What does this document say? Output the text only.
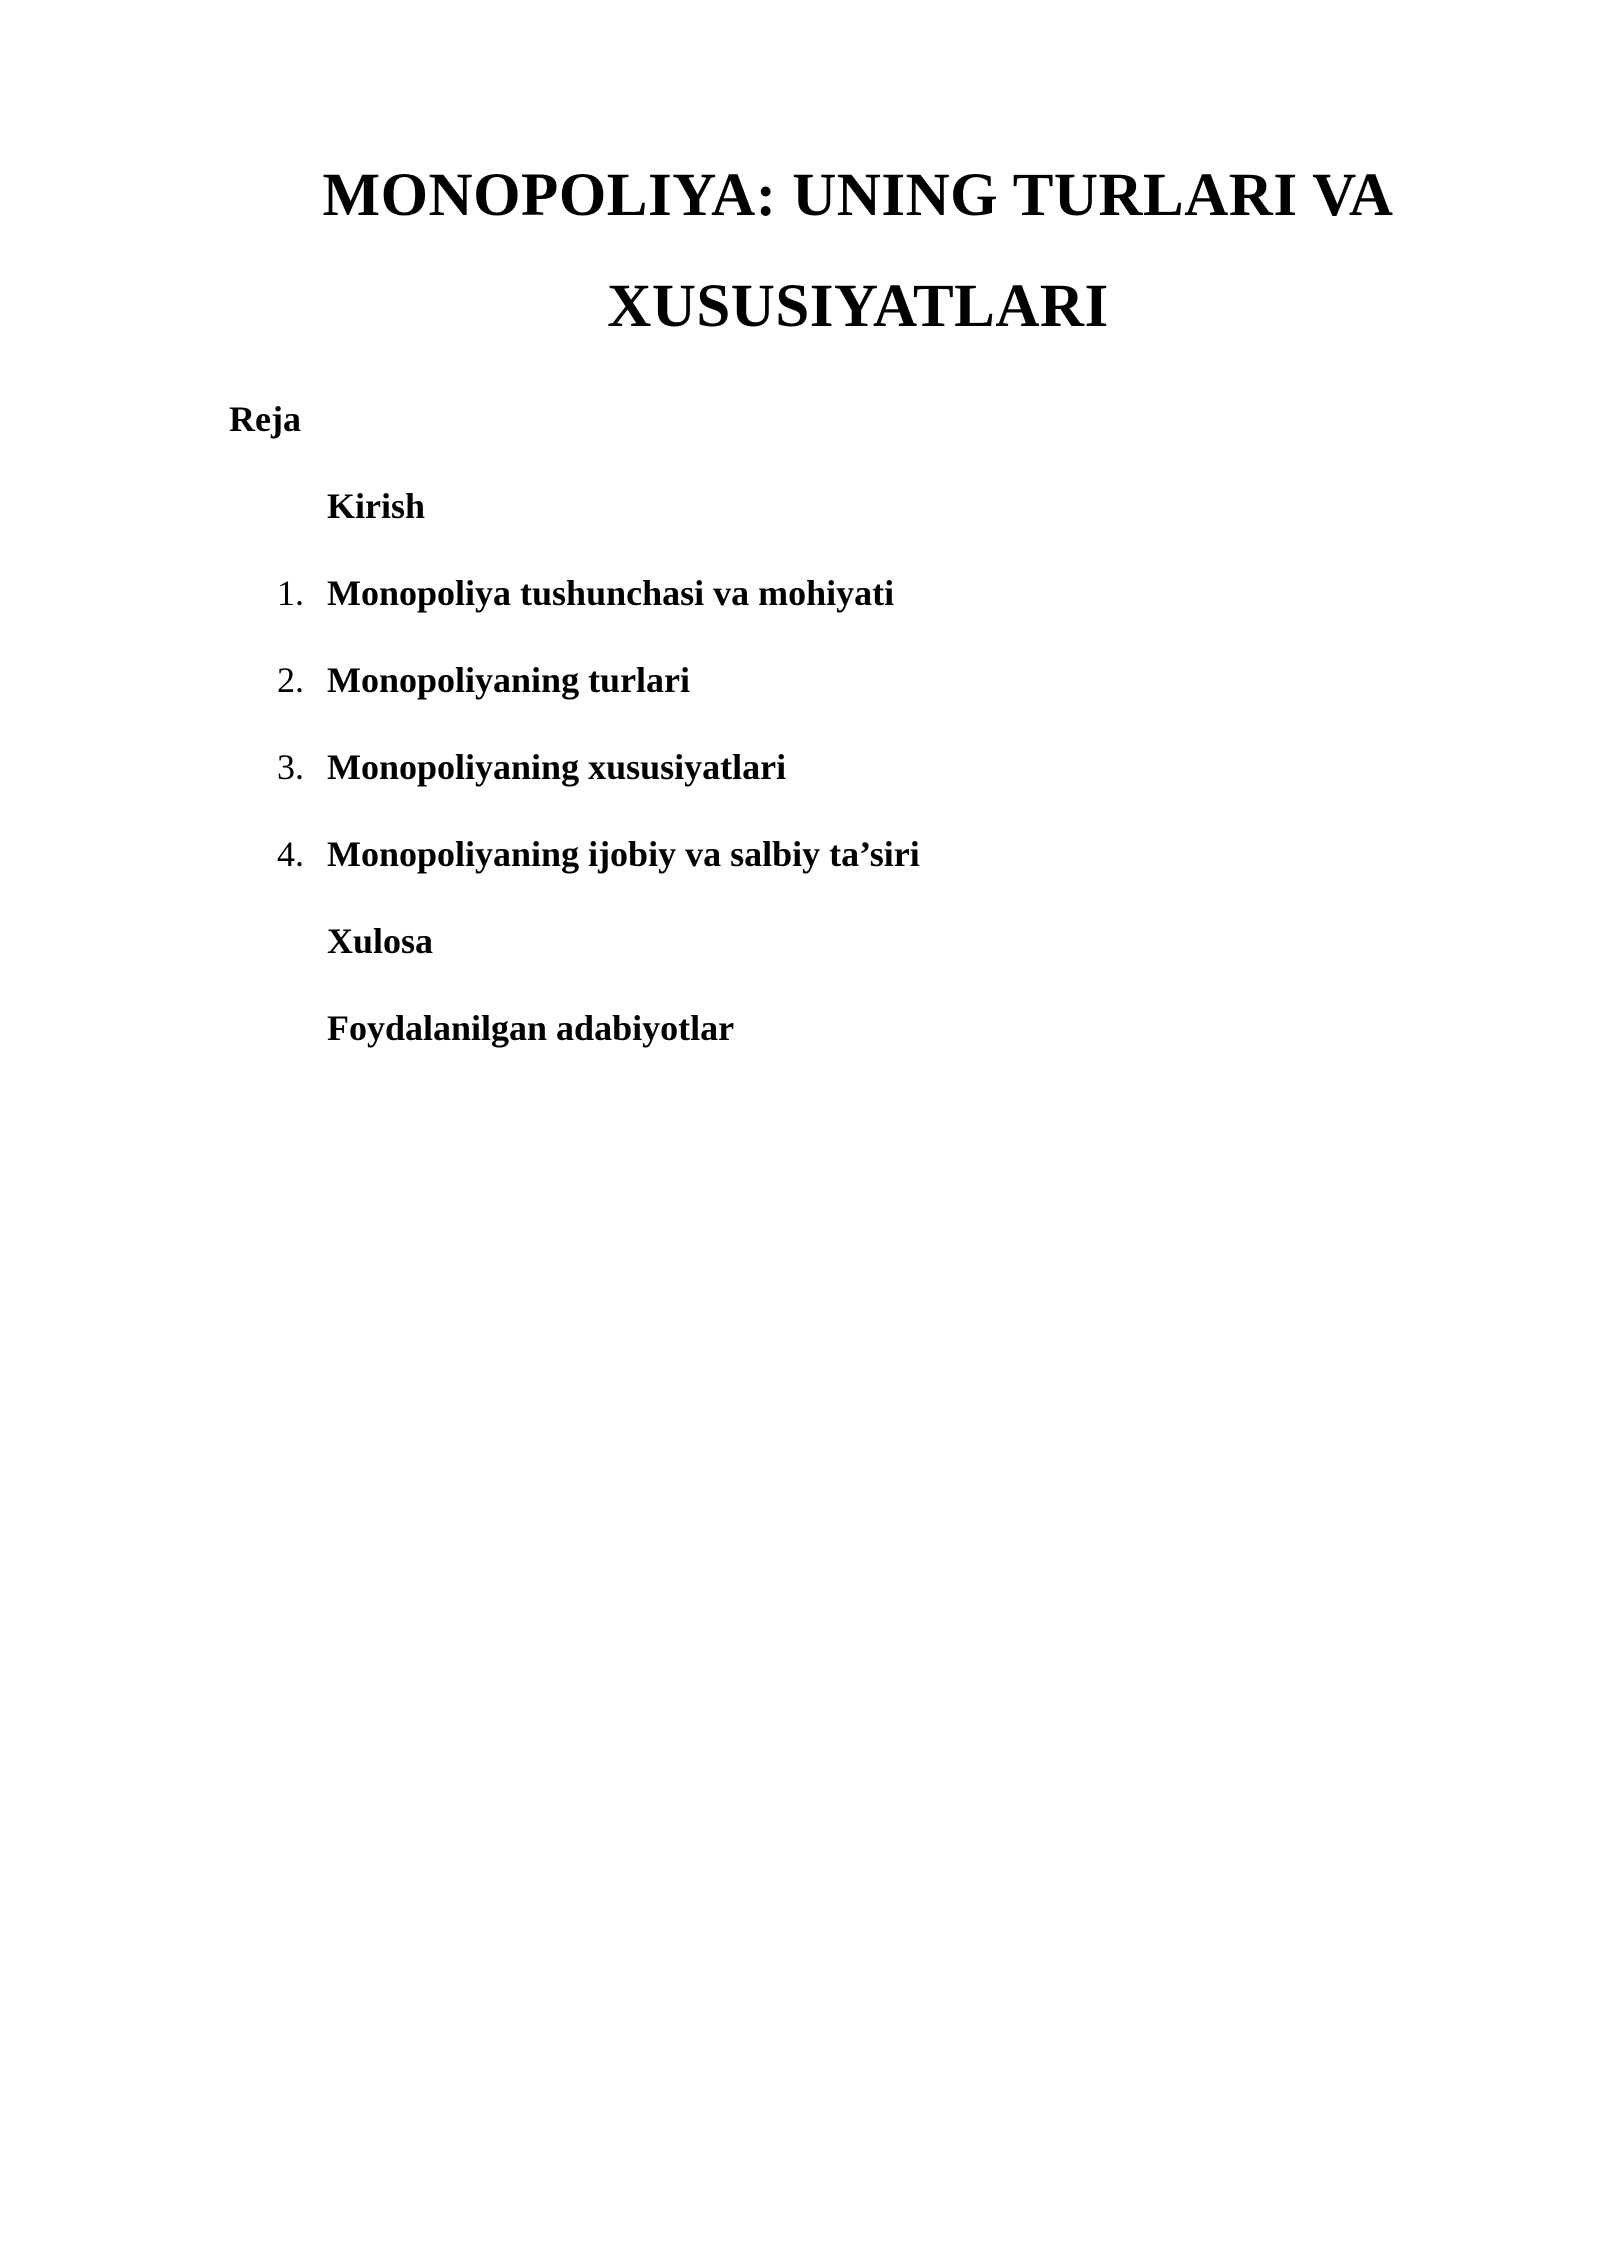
MONOPOLIYA: UNING TURLARI VA
XUSUSIYATLARI

Reja

Kirish
1. Monopoliya tushunchasi va mohiyati
2. Monopoliyaning turlari
3. Monopoliyaning xususiyatlari
4. Monopoliyaning ijobiy va salbiy ta’siri
Xulosa
Foydalanilgan adabiyotlar
